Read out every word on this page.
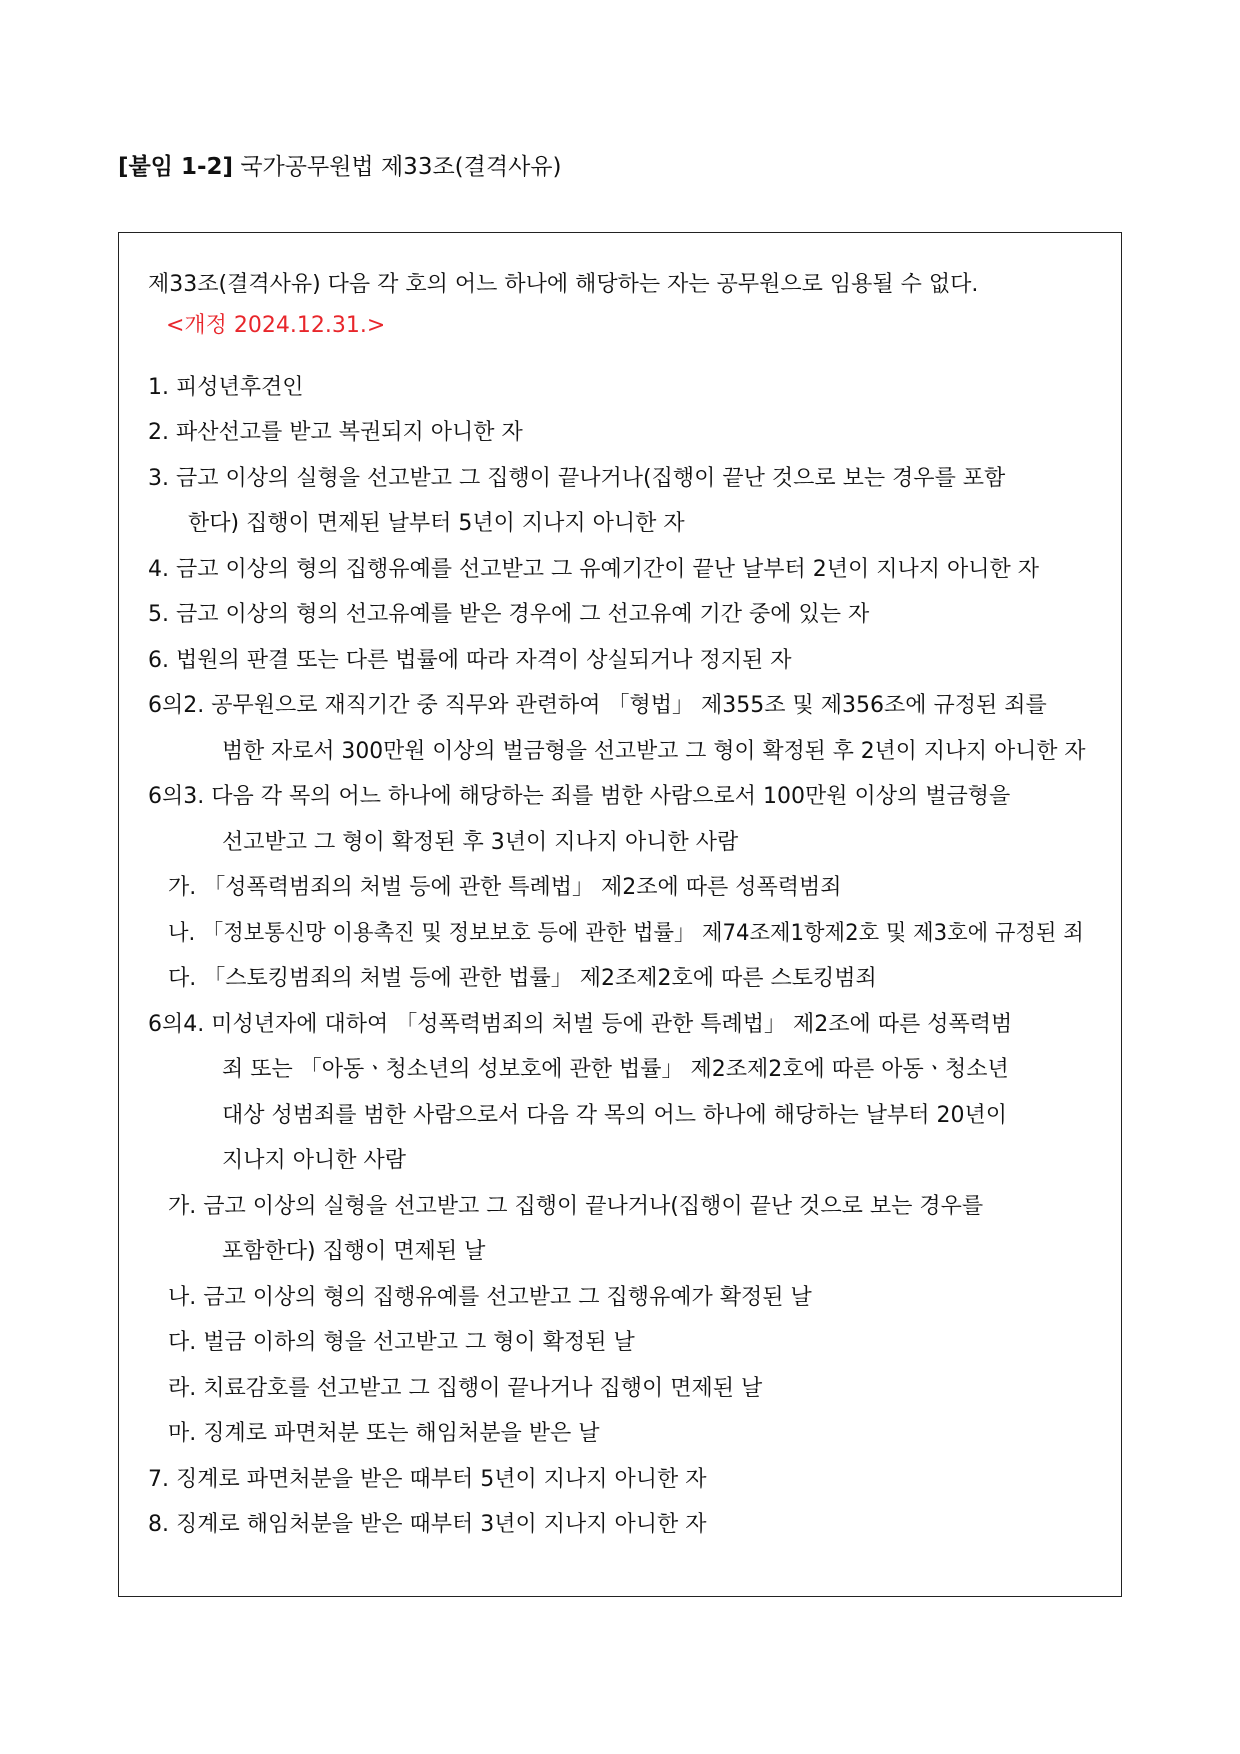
[붙임 1-2] 국가공무원법 제33조(결격사유)
제33조(결격사유) 다음 각 호의 어느 하나에 해당하는 자는 공무원으로 임용될 수 없다.
<개정 2024.12.31.>
1. 피성년후견인
2. 파산선고를 받고 복권되지 아니한 자
3. 금고 이상의 실형을 선고받고 그 집행이 끝나거나(집행이 끝난 것으로 보는 경우를 포함
한다) 집행이 면제된 날부터 5년이 지나지 아니한 자
4. 금고 이상의 형의 집행유예를 선고받고 그 유예기간이 끝난 날부터 2년이 지나지 아니한 자
5. 금고 이상의 형의 선고유예를 받은 경우에 그 선고유예 기간 중에 있는 자
6. 법원의 판결 또는 다른 법률에 따라 자격이 상실되거나 정지된 자
6의2. 공무원으로 재직기간 중 직무와 관련하여 「형법」 제355조 및 제356조에 규정된 죄를
범한 자로서 300만원 이상의 벌금형을 선고받고 그 형이 확정된 후 2년이 지나지 아니한 자
6의3. 다음 각 목의 어느 하나에 해당하는 죄를 범한 사람으로서 100만원 이상의 벌금형을
선고받고 그 형이 확정된 후 3년이 지나지 아니한 사람
가. 「성폭력범죄의 처벌 등에 관한 특례법」 제2조에 따른 성폭력범죄
나. 「정보통신망 이용촉진 및 정보보호 등에 관한 법률」 제74조제1항제2호 및 제3호에 규정된 죄
다. 「스토킹범죄의 처벌 등에 관한 법률」 제2조제2호에 따른 스토킹범죄
6의4. 미성년자에 대하여 「성폭력범죄의 처벌 등에 관한 특례법」 제2조에 따른 성폭력범
죄 또는 「아동ㆍ청소년의 성보호에 관한 법률」 제2조제2호에 따른 아동ㆍ청소년
대상 성범죄를 범한 사람으로서 다음 각 목의 어느 하나에 해당하는 날부터 20년이
지나지 아니한 사람
가. 금고 이상의 실형을 선고받고 그 집행이 끝나거나(집행이 끝난 것으로 보는 경우를
포함한다) 집행이 면제된 날
나. 금고 이상의 형의 집행유예를 선고받고 그 집행유예가 확정된 날
다. 벌금 이하의 형을 선고받고 그 형이 확정된 날
라. 치료감호를 선고받고 그 집행이 끝나거나 집행이 면제된 날
마. 징계로 파면처분 또는 해임처분을 받은 날
7. 징계로 파면처분을 받은 때부터 5년이 지나지 아니한 자
8. 징계로 해임처분을 받은 때부터 3년이 지나지 아니한 자
